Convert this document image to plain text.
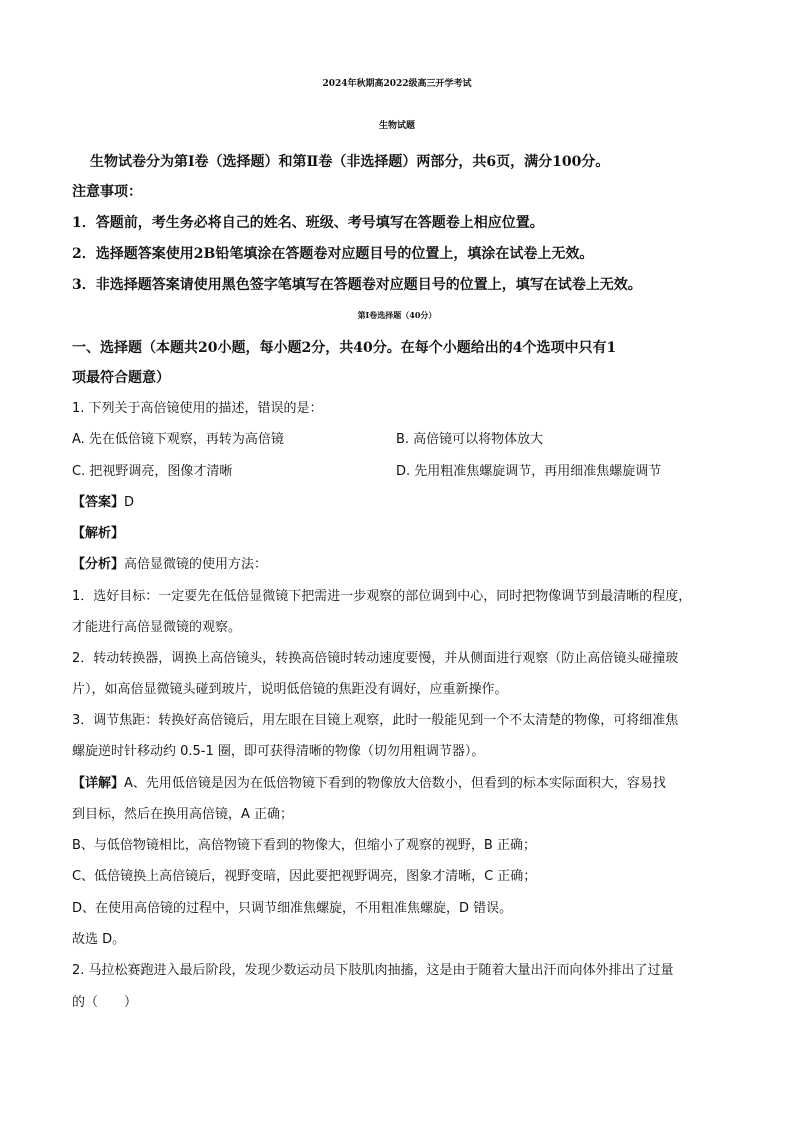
2024年秋期高2022级高三开学考试
生物试题
生物试卷分为第Ⅰ卷（选择题）和第Ⅱ卷（非选择题）两部分，共6页，满分100分。
注意事项：
1．答题前，考生务必将自己的姓名、班级、考号填写在答题卷上相应位置。
2．选择题答案使用2B铅笔填涂在答题卷对应题目号的位置上，填涂在试卷上无效。
3．非选择题答案请使用黑色签字笔填写在答题卷对应题目号的位置上，填写在试卷上无效。
第Ⅰ卷选择题（40分）
一、选择题（本题共20小题，每小题2分，共40分。在每个小题给出的4个选项中只有1
项最符合题意）
1. 下列关于高倍镜使用的描述，错误的是：
A. 先在低倍镜下观察，再转为高倍镜	B. 高倍镜可以将物体放大
C. 把视野调亮，图像才清晰	D. 先用粗准焦螺旋调节，再用细准焦螺旋调节
【答案】D
【解析】
【分析】高倍显微镜的使用方法：
1．选好目标：一定要先在低倍显微镜下把需进一步观察的部位调到中心，同时把物像调节到最清晰的程度，
才能进行高倍显微镜的观察。
2．转动转换器，调换上高倍镜头，转换高倍镜时转动速度要慢，并从侧面进行观察（防止高倍镜头碰撞玻
片），如高倍显微镜头碰到玻片，说明低倍镜的焦距没有调好，应重新操作。
3．调节焦距：转换好高倍镜后，用左眼在目镜上观察，此时一般能见到一个不太清楚的物像，可将细准焦
螺旋逆时针移动约 0.5-1 圈，即可获得清晰的物像（切勿用粗调节器）。
【详解】A、先用低倍镜是因为在低倍物镜下看到的物像放大倍数小，但看到的标本实际面积大，容易找
到目标，然后在换用高倍镜，A 正确；
B、与低倍物镜相比，高倍物镜下看到的物像大，但缩小了观察的视野，B 正确；
C、低倍镜换上高倍镜后，视野变暗，因此要把视野调亮，图象才清晰，C 正确；
D、在使用高倍镜的过程中，只调节细准焦螺旋，不用粗准焦螺旋，D 错误。
故选 D。
2. 马拉松赛跑进入最后阶段，发现少数运动员下肢肌肉抽搐，这是由于随着大量出汗而向体外排出了过量
的（　　）
